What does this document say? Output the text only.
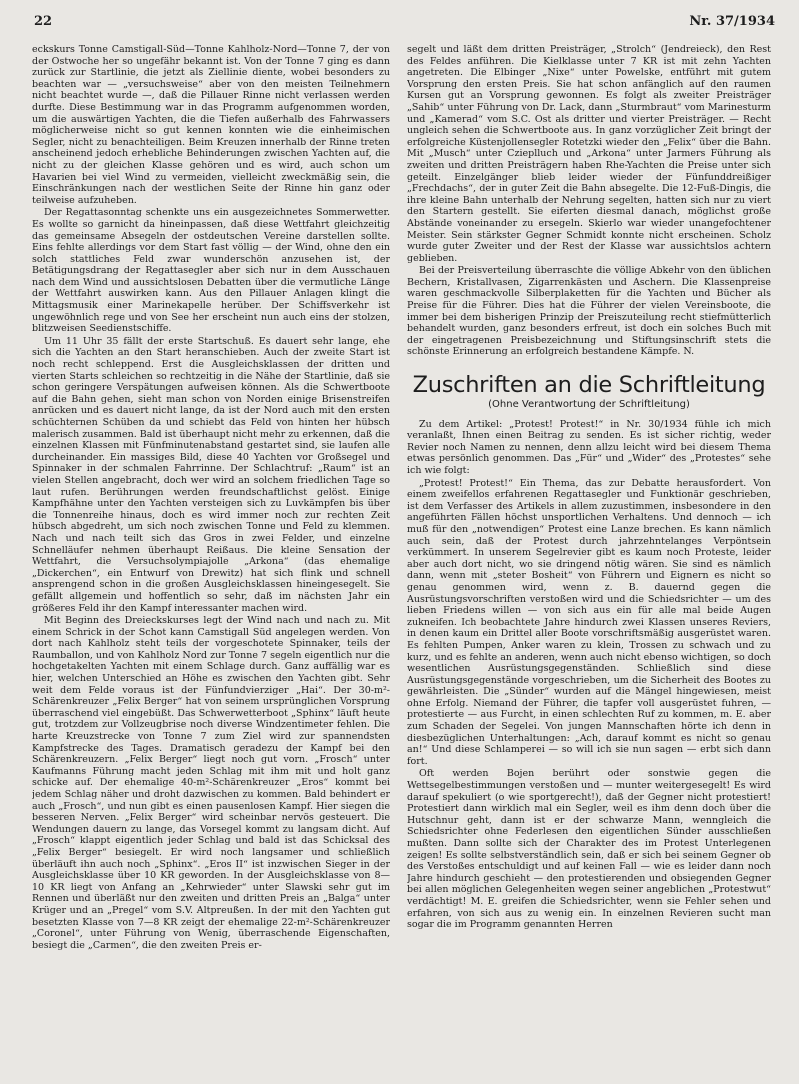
22	Nr. 37/1934

eckskurs Tonne Camstigall-Süd—Tonne Kahlholz-Nord—Tonne 7, der von der Ostwoche her so ungefähr bekannt ist. Von der Tonne 7 ging es dann zurück zur Startlinie, die jetzt als Ziellinie diente, wobei besonders zu beachten war — „versuchsweise“ aber von den meisten Teilnehmern nicht beachtet wurde —, daß die Pillauer Rinne nicht verlassen werden durfte. Diese Bestimmung war in das Programm aufgenommen worden, um die auswärtigen Yachten, die die Tiefen außerhalb des Fahrwassers möglicherweise nicht so gut kennen konnten wie die einheimischen Segler, nicht zu benachteiligen. Beim Kreuzen innerhalb der Rinne treten anscheinend jedoch erhebliche Behinderungen zwischen Yachten auf, die nicht zu der gleichen Klasse gehören und es wird, auch schon um Havarien bei viel Wind zu vermeiden, vielleicht zweckmäßig sein, die Einschränkungen nach der westlichen Seite der Rinne hin ganz oder teilweise aufzuheben.

Der Regattasonntag schenkte uns ein ausgezeichnetes Sommerwetter. Es wollte so garnicht da hineinpassen, daß diese Wettfahrt gleichzeitig das gemeinsame Absegeln der ostdeutschen Vereine darstellen sollte. Eins fehlte allerdings vor dem Start fast völlig — der Wind, ohne den ein solch stattliches Feld zwar wunderschön anzusehen ist, der Betätigungsdrang der Regattasegler aber sich nur in dem Ausschauen nach dem Wind und aussichtslosen Debatten über die vermutliche Länge der Wettfahrt auswirken kann. Aus den Pillauer Anlagen klingt die Mittagsmusik einer Marinekapelle herüber. Der Schiffsverkehr ist ungewöhnlich rege und von See her erscheint nun auch eins der stolzen, blitzweisen Seedienstschiffe.

Um 11 Uhr 35 fällt der erste Startschuß. Es dauert sehr lange, ehe sich die Yachten an den Start heranschieben. Auch der zweite Start ist noch recht schleppend. Erst die Ausgleichsklassen der dritten und vierten Starts schleichen so rechtzeitig in die Nähe der Startlinie, daß sie schon geringere Verspätungen aufweisen können. Als die Schwertboote auf die Bahn gehen, sieht man schon von Norden einige Brisenstreifen anrücken und es dauert nicht lange, da ist der Nord auch mit den ersten schüchternen Schüben da und schiebt das Feld von hinten her hübsch malerisch zusammen. Bald ist überhaupt nicht mehr zu erkennen, daß die einzelnen Klassen mit Fünfminutenabstand gestartet sind, sie laufen alle durcheinander. Ein massiges Bild, diese 40 Yachten vor Großsegel und Spinnaker in der schmalen Fahrrinne. Der Schlachtruf: „Raum“ ist an vielen Stellen angebracht, doch wer wird an solchem friedlichen Tage so laut rufen. Berührungen werden freundschaftlichst gelöst. Einige Kampfhähne unter den Yachten versteigen sich zu Luvkämpfen bis über die Tonnenreihe hinaus, doch es wird immer noch zur rechten Zeit hübsch abgedreht, um sich noch zwischen Tonne und Feld zu klemmen. Nach und nach teilt sich das Gros in zwei Felder, und einzelne Schnelläufer nehmen überhaupt Reißaus. Die kleine Sensation der Wettfahrt, die Versuchsolympiajolle „Arkona“ (das ehemalige „Dickerchen“, ein Entwurf von Drewitz) hat sich flink und schnell ansprengend schon in die großen Ausgleichsklassen hineingesegelt. Sie gefällt allgemein und hoffentlich so sehr, daß im nächsten Jahr ein größeres Feld ihr den Kampf interessanter machen wird.

Mit Beginn des Dreieckskurses legt der Wind nach und nach zu. Mit einem Schrick in der Schot kann Camstigall Süd angelegen werden. Von dort nach Kahlholz steht teils der vorgeschotete Spinnaker, teils der Raumballon, und von Kahlholz Nord zur Tonne 7 segeln eigentlich nur die hochgetakelten Yachten mit einem Schlage durch. Ganz auffällig war es hier, welchen Unterschied an Höhe es zwischen den Yachten gibt. Sehr weit dem Felde voraus ist der Fünfundvierziger „Hai“. Der 30-m²-Schärenkreuzer „Felix Berger“ hat von seinem ursprünglichen Vorsprung überraschend viel eingebüßt. Das Schwerwetterboot „Sphinx“ läuft heute gut, trotzdem zur Vollzeugbrise noch diverse Windzentimeter fehlen. Die harte Kreuzstrecke von Tonne 7 zum Ziel wird zur spannendsten Kampfstrecke des Tages. Dramatisch geradezu der Kampf bei den Schärenkreuzern. „Felix Berger“ liegt noch gut vorn. „Frosch“ unter Kaufmanns Führung macht jeden Schlag mit ihm mit und holt ganz schicke auf. Der ehemalige 40-m²-Schärenkreuzer „Eros“ kommt bei jedem Schlag näher und droht dazwischen zu kommen. Bald behindert er auch „Frosch“, und nun gibt es einen pausenlosen Kampf. Hier siegen die besseren Nerven. „Felix Berger“ wird scheinbar nervös gesteuert. Die Wendungen dauern zu lange, das Vorsegel kommt zu langsam dicht. Auf „Frosch“ klappt eigentlich jeder Schlag und bald ist das Schicksal des „Felix Berger“ besiegelt. Er wird noch langsamer und schließlich überläuft ihn auch noch „Sphinx“. „Eros II“ ist inzwischen Sieger in der Ausgleichsklasse über 10 KR geworden. In der Ausgleichsklasse von 8—10 KR liegt von Anfang an „Kehrwieder“ unter Slawski sehr gut im Rennen und überläßt nur den zweiten und dritten Preis an „Balga“ unter Krüger und an „Pregel“ vom S.V. Altpreußen. In der mit den Yachten gut besetzten Klasse von 7—8 KR zeigt der ehemalige 22-m²-Schärenkreuzer „Coronel“, unter Führung von Wenig, überraschende Eigenschaften, besiegt die „Carmen“, die den zweiten Preis er-

segelt und läßt dem dritten Preisträger, „Strolch“ (Jendreieck), den Rest des Feldes anführen. Die Kielklasse unter 7 KR ist mit zehn Yachten angetreten. Die Elbinger „Nixe“ unter Powelske, entführt mit gutem Vorsprung den ersten Preis. Sie hat schon anfänglich auf den raumen Kursen gut an Vorsprung gewonnen. Es folgt als zweiter Preisträger „Sahib“ unter Führung von Dr. Lack, dann „Sturmbraut“ vom Marinesturm und „Kamerad“ vom S.C. Ost als dritter und vierter Preisträger. — Recht ungleich sehen die Schwertboote aus. In ganz vorzüglicher Zeit bringt der erfolgreiche Küstenjollensegler Rotetzki wieder den „Felix“ über die Bahn. Mit „Musch“ unter Czieplluch und „Arkona“ unter Jarmers Führung als zweiten und dritten Preisträgern haben Rhe-Yachten die Preise unter sich geteilt. Einzelgänger blieb leider wieder der Fünfunddreißiger „Frechdachs“, der in guter Zeit die Bahn absegelte. Die 12-Fuß-Dingis, die ihre kleine Bahn unterhalb der Nehrung segelten, hatten sich nur zu viert den Startern gestellt. Sie eiferten diesmal danach, möglichst große Abstände voneinander zu ersegeln. Skierlo war wieder unangefochtener Meister. Sein stärkster Gegner Schmidt konnte nicht erscheinen. Scholz wurde guter Zweiter und der Rest der Klasse war aussichtslos achtern geblieben.

Bei der Preisverteilung überraschte die völlige Abkehr von den üblichen Bechern, Kristallvasen, Zigarrenkästen und Aschern. Die Klassenpreise waren geschmackvolle Silberplaketten für die Yachten und Bücher als Preise für die Führer. Dies hat die Führer der vielen Vereinsboote, die immer bei dem bisherigen Prinzip der Preiszuteilung recht stiefmütterlich behandelt wurden, ganz besonders erfreut, ist doch ein solches Buch mit der eingetragenen Preisbezeichnung und Stiftungsinschrift stets die schönste Erinnerung an erfolgreich bestandene Kämpfe. N.

Zuschriften an die Schriftleitung
(Ohne Verantwortung der Schriftleitung)

Zu dem Artikel: „Protest! Protest!“ in Nr. 30/1934 fühle ich mich veranlaßt, Ihnen einen Beitrag zu senden. Es ist sicher richtig, weder Revier noch Namen zu nennen, denn allzu leicht wird bei diesem Thema etwas persönlich genommen. Das „Für“ und „Wider“ des „Protestes“ sehe ich wie folgt:

„Protest! Protest!“ Ein Thema, das zur Debatte herausfordert. Von einem zweifellos erfahrenen Regattasegler und Funktionär geschrieben, ist dem Verfasser des Artikels in allem zuzustimmen, insbesondere in den angeführten Fällen höchst unsportlichen Verhaltens. Und dennoch — ich muß für den „notwendigen“ Protest eine Lanze brechen. Es kann nämlich auch sein, daß der Protest durch jahrzehntelanges Verpöntsein verkümmert. In unserem Segelrevier gibt es kaum noch Proteste, leider aber auch dort nicht, wo sie dringend nötig wären. Sie sind es nämlich dann, wenn mit „steter Bosheit“ von Führern und Eignern es nicht so genau genommen wird, wenn z. B. dauernd gegen die Ausrüstungsvorschriften verstoßen wird und die Schiedsrichter — um des lieben Friedens willen — von sich aus ein für alle mal beide Augen zukneifen. Ich beobachtete Jahre hindurch zwei Klassen unseres Reviers, in denen kaum ein Drittel aller Boote vorschriftsmäßig ausgerüstet waren. Es fehlten Pumpen, Anker waren zu klein, Trossen zu schwach und zu kurz, und es fehlte an anderen, wenn auch nicht ebenso wichtigen, so doch wesentlichen Ausrüstungsgegenständen. Schließlich sind diese Ausrüstungsgegenstände vorgeschrieben, um die Sicherheit des Bootes zu gewährleisten. Die „Sünder“ wurden auf die Mängel hingewiesen, meist ohne Erfolg. Niemand der Führer, die tapfer voll ausgerüstet fuhren, — protestierte — aus Furcht, in einen schlechten Ruf zu kommen, m. E. aber zum Schaden der Segelei. Von jungen Mannschaften hörte ich denn in diesbezüglichen Unterhaltungen: „Ach, darauf kommt es nicht so genau an!“ Und diese Schlamperei — so will ich sie nun sagen — erbt sich dann fort.

Oft werden Bojen berührt oder sonstwie gegen die Wettsegelbestimmungen verstoßen und — munter weitergesegelt! Es wird darauf spekuliert (o wie sportgerecht!), daß der Gegner nicht protestiert! Protestiert dann wirklich mal ein Segler, weil es ihm denn doch über die Hutschnur geht, dann ist er der schwarze Mann, wenngleich die Schiedsrichter ohne Federlesen den eigentlichen Sünder ausschließen mußten. Dann sollte sich der Charakter des im Protest Unterlegenen zeigen! Es sollte selbstverständlich sein, daß er sich bei seinem Gegner ob des Verstoßes entschuldigt und auf keinen Fall — wie es leider dann noch Jahre hindurch geschieht — den protestierenden und obsiegenden Gegner bei allen möglichen Gelegenheiten wegen seiner angeblichen „Protestwut“ verdächtigt! M. E. greifen die Schiedsrichter, wenn sie Fehler sehen und erfahren, von sich aus zu wenig ein. In einzelnen Revieren sucht man sogar die im Programm genannten Herren
